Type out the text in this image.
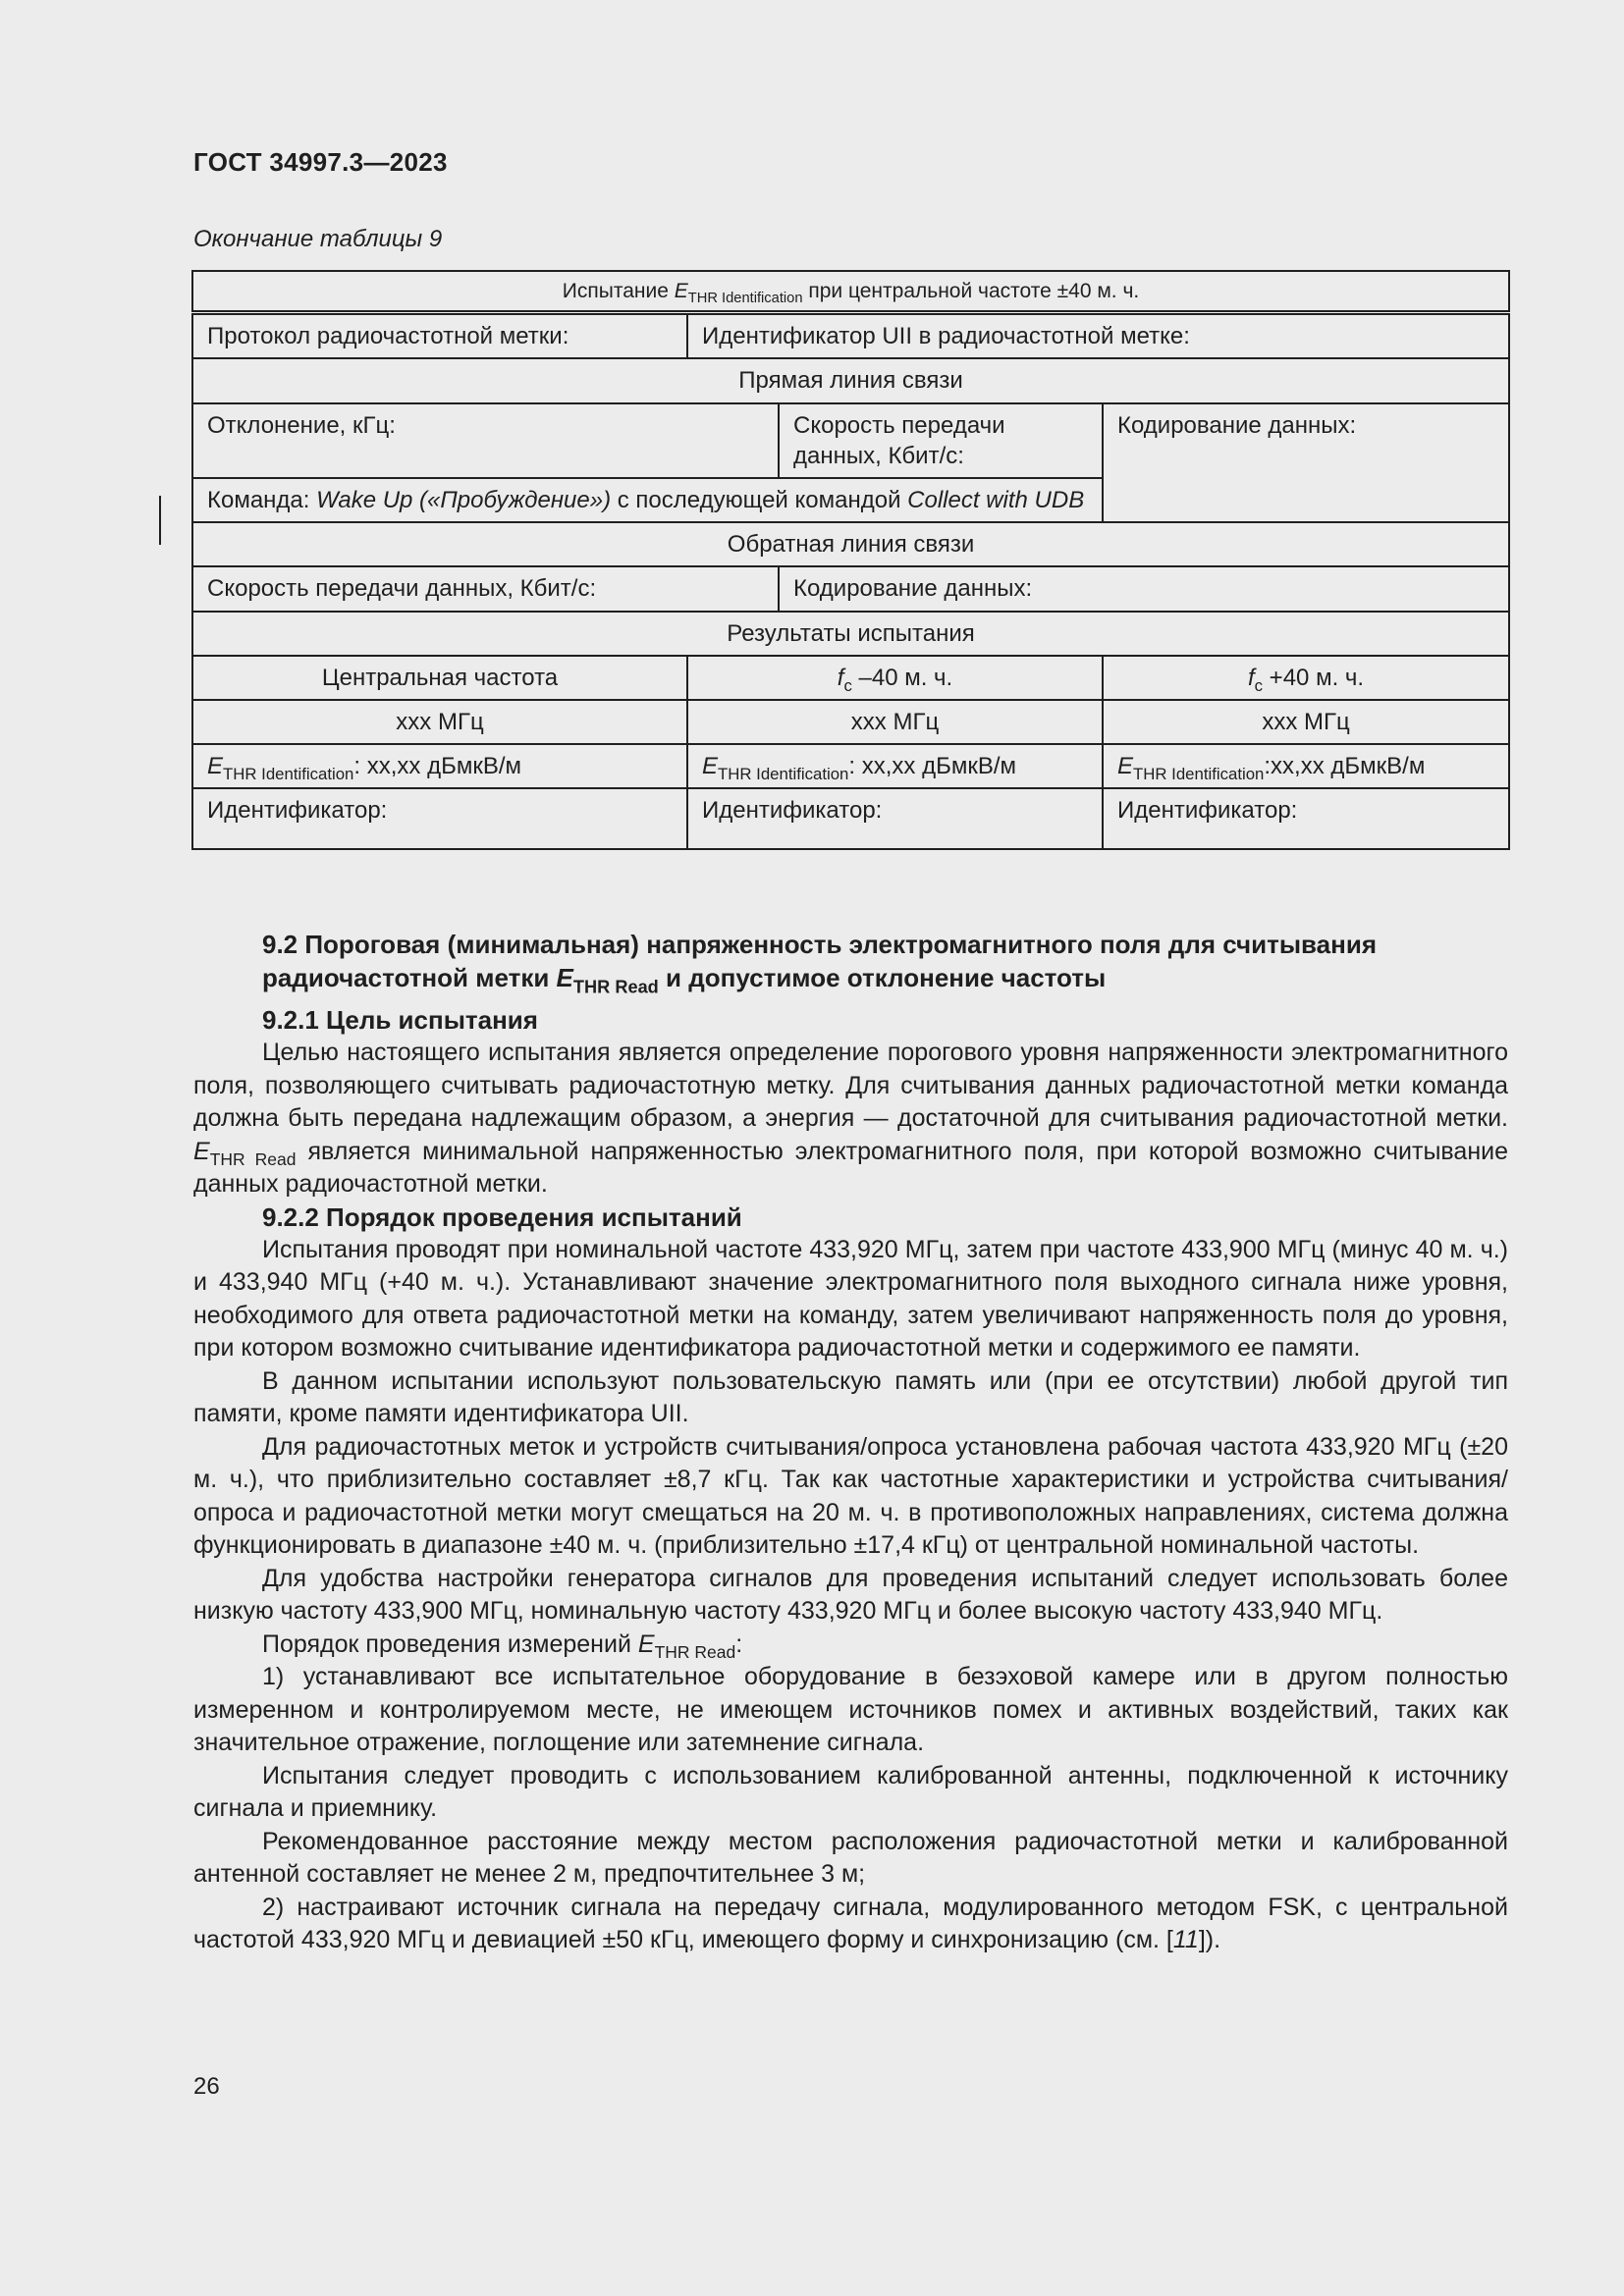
ГОСТ 34997.3—2023
Окончание таблицы 9
Испытание $E_{THR Identification}$ при центральной частоте ±40 м. ч.			
Протокол радиочастотной метки:	Идентификатор UII в радиочастотной метке:		
Прямая линия связи			
Отклонение, кГц:		Скорость передачи данных, Кбит/с:	Кодирование данных:
Команда: Wake Up («Пробуждение») с последующей командой Collect with UDB			
Обратная линия связи			
Скорость передачи данных, Кбит/с:		Кодирование данных:	
Результаты испытания			
Центральная частота	$f_c$ –40 м. ч.		$f_c +40$ м. ч.
xxx МГц	xxx МГц		xxx МГц
$E_{THR Identification}$: xx,xx дБмкВ/м	$E_{THR Identification}$: xx,xx дБмкВ/м		$E_{THR Identification}:xx,xx$ дБмкВ/м
Идентификатор:	Идентификатор:		Идентификатор:
9.2 Пороговая (минимальная) напряженность электромагнитного поля для считывания радиочастотной метки $E_{THR Read}$ и допустимое отклонение частоты
9.2.1 Цель испытания

Целью настоящего испытания является определение порогового уровня напряженности электромагнитного поля, позволяющего считывать радиочастотную метку. Для считывания данных радиочастотной метки команда должна быть передана надлежащим образом, а энергия — достаточной для считывания радиочастотной метки. $E_{THR Read}$ является минимальной напряженностью электромагнитного поля, при которой возможно считывание данных радиочастотной метки.

9.2.2 Порядок проведения испытаний

Испытания проводят при номинальной частоте 433,920 МГц, затем при частоте 433,900 МГц (минус 40 м. ч.) и 433,940 МГц (+40 м. ч.). Устанавливают значение электромагнитного поля выходного сигнала ниже уровня, необходимого для ответа радиочастотной метки на команду, затем увеличивают напряженность поля до уровня, при котором возможно считывание идентификатора радиочастотной метки и содержимого ее памяти.

В данном испытании используют пользовательскую память или (при ее отсутствии) любой другой тип памяти, кроме памяти идентификатора UII.

Для радиочастотных меток и устройств считывания/опроса установлена рабочая частота 433,920 МГц (±20 м. ч.), что приблизительно составляет ±8,7 кГц. Так как частотные характеристики и устройства считывания/опроса и радиочастотной метки могут смещаться на 20 м. ч. в противоположных направлениях, система должна функционировать в диапазоне ±40 м. ч. (приблизительно ±17,4 кГц) от центральной номинальной частоты.

Для удобства настройки генератора сигналов для проведения испытаний следует использовать более низкую частоту 433,900 МГц, номинальную частоту 433,920 МГц и более высокую частоту 433,940 МГц.

Порядок проведения измерений $E_{THR Read}$:

1) устанавливают все испытательное оборудование в безэховой камере или в другом полностью измеренном и контролируемом месте, не имеющем источников помех и активных воздействий, таких как значительное отражение, поглощение или затемнение сигнала.

Испытания следует проводить с использованием калиброванной антенны, подключенной к источнику сигнала и приемнику.

Рекомендованное расстояние между местом расположения радиочастотной метки и калиброванной антенной составляет не менее 2 м, предпочтительнее 3 м;

2) настраивают источник сигнала на передачу сигнала, модулированного методом FSK, с центральной частотой 433,920 МГц и девиацией ±50 кГц, имеющего форму и синхронизацию (см. [11]).

26
